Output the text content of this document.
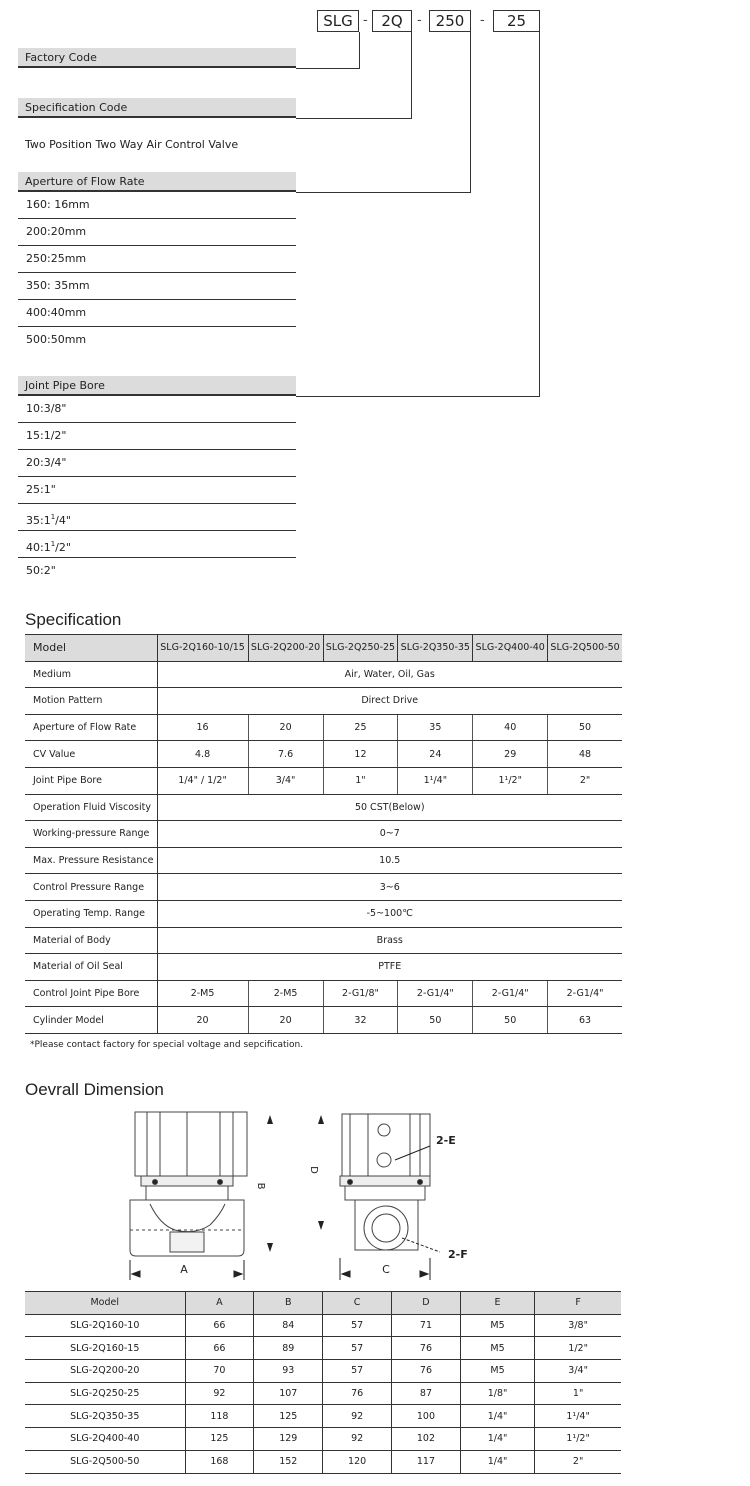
SLG - 2Q	- 250	-	25
Factory Code
Specification Code
Two Position Two Way Air Control Valve
Aperture of Flow Rate
160: 16mm
200:20mm
250:25mm
350: 35mm
400:40mm
500:50mm
Joint Pipe Bore
10:3/8"
15:1/2"
20:3/4"
25:1"
$35:1^1/4$"
$40:1^1/2$"
50:2"
Specification
Model	SLG-2Q160-10/15	SLG-2Q200-20	SLG-2Q250-25	SLG-2Q350-35	SLG-2Q400-40	SLG-2Q500-50
Medium	Air, Water, Oil, Gas					
Motion Pattern	Direct Drive					
Aperture of Flow Rate	16	20	25	35	40	50
CV Value	4.8	7.6	12	24	29	48
Joint Pipe Bore	1/4" / 1/2"	3/4"	1"	1¹/4"	1¹/2"	2"
Operation Fluid Viscosity	50 CST(Below)					
Working-pressure Range	0~7					
Max. Pressure Resistance	10.5					
Control Pressure Range	3~6					
Operating Temp. Range	-5~100℃					
Material of Body	Brass					
Material of Oil Seal	PTFE					
Control Joint Pipe Bore	2-M5	2-M5	2-G1/8"	2-G1/4"	2-G1/4"	2-G1/4"
Cylinder Model	20	20	32	50	50	63
*Please contact factory for special voltage and sepcification.
Oevrall Dimension
A
B
2-E
2-F
C
D
Model	A	B	C	D	E	F
SLG-2Q160-10	66	84	57	71	M5	3/8"
SLG-2Q160-15	66	89	57	76	M5	1/2"
SLG-2Q200-20	70	93	57	76	M5	3/4"
SLG-2Q250-25	92	107	76	87	1/8"	1"
SLG-2Q350-35	118	125	92	100	1/4"	1¹/4"
SLG-2Q400-40	125	129	92	102	1/4"	1¹/2"
SLG-2Q500-50	168	152	120	117	1/4"	2"
